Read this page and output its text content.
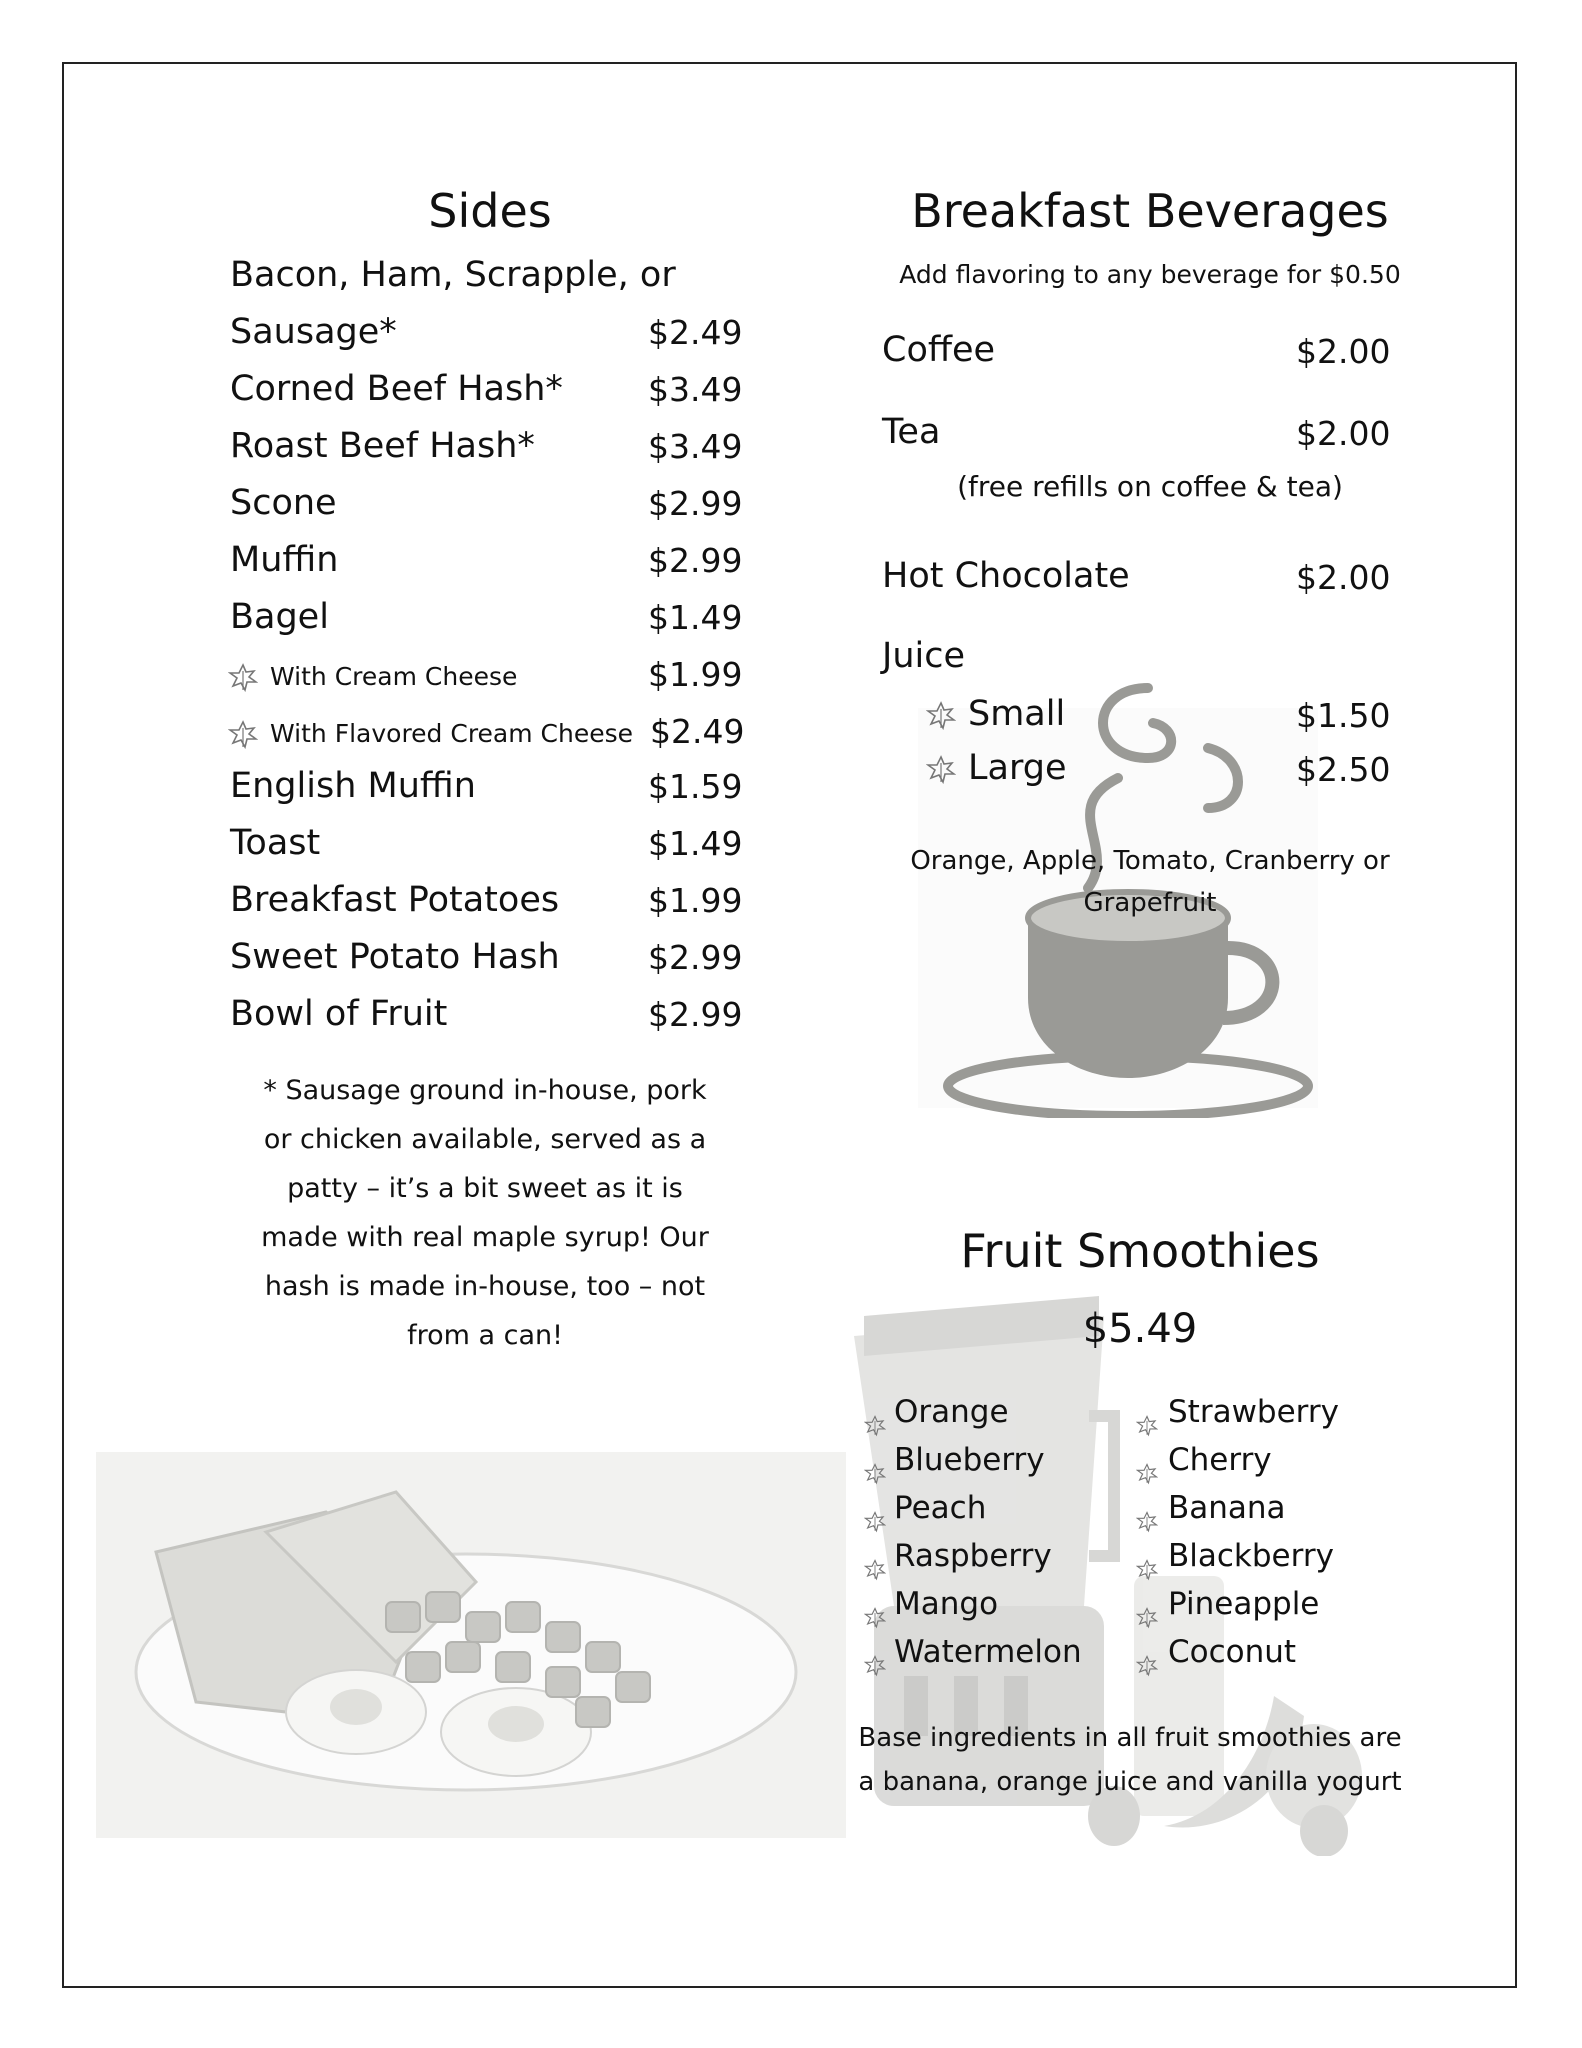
Sides
Bacon, Ham, Scrapple, or
Sausage*	$2.49
Corned Beef Hash*	$3.49
Roast Beef Hash*	$3.49
Scone	$2.99
Muffin	$2.99
Bagel	$1.49
With Cream Cheese	$1.99
With Flavored Cream Cheese $2.49
English Muffin	$1.59
Toast	$1.49
Breakfast Potatoes	$1.99
Sweet Potato Hash	$2.99
Bowl of Fruit	$2.99
* Sausage ground in-house, pork
or chicken available, served as a
patty – it’s a bit sweet as it is
made with real maple syrup! Our
hash is made in-house, too – not
from a can!
Breakfast Beverages
Add flavoring to any beverage for $0.50
Coffee	$2.00
Tea	$2.00
(free refills on coffee & tea)
Hot Chocolate	$2.00
Juice
Small	$1.50
Large	$2.50
Orange, Apple, Tomato, Cranberry or
Grapefruit
Fruit Smoothies
$5.49
Orange
Blueberry
Peach
Raspberry
Mango
Watermelon
Strawberry
Cherry
Banana
Blackberry
Pineapple
Coconut
Base ingredients in all fruit smoothies are
a banana, orange juice and vanilla yogurt
